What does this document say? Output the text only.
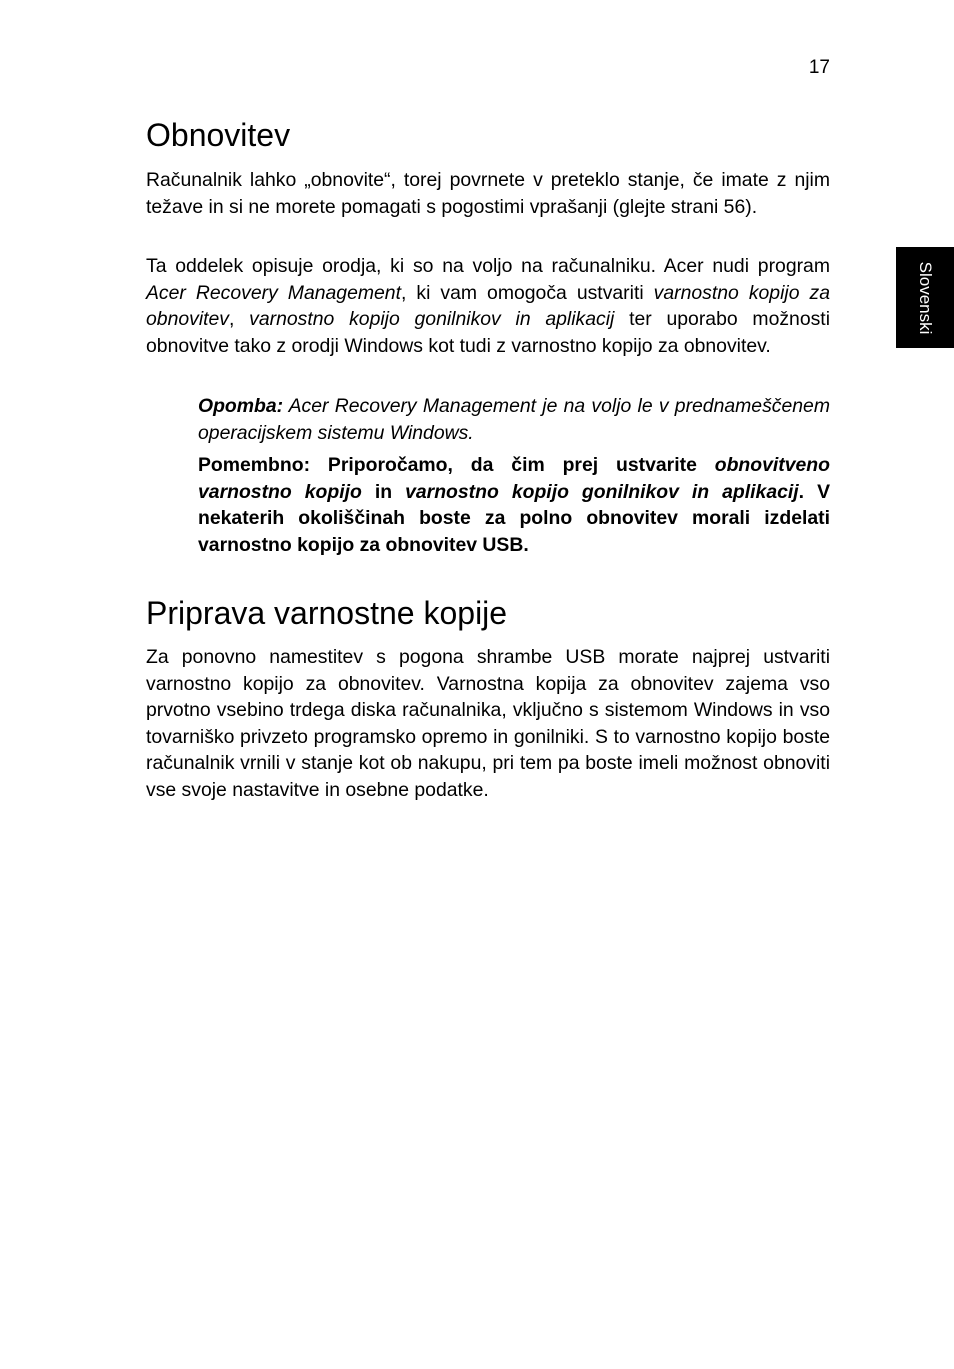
17
Slovenski
Obnovitev

Računalnik lahko „obnovite“, torej povrnete v preteklo stanje, če imate z njim težave in si ne morete pomagati s pogostimi vprašanji (glejte strani 56).

Ta oddelek opisuje orodja, ki so na voljo na računalniku. Acer nudi program Acer Recovery Management, ki vam omogoča ustvariti varnostno kopijo za obnovitev, varnostno kopijo gonilnikov in aplikacij ter uporabo možnosti obnovitve tako z orodji Windows kot tudi z varnostno kopijo za obnovitev.

Opomba: Acer Recovery Management je na voljo le v prednameščenem operacijskem sistemu Windows.

Pomembno: Priporočamo, da čim prej ustvarite obnovitveno varnostno kopijo in varnostno kopijo gonilnikov in aplikacij. V nekaterih okoliščinah boste za polno obnovitev morali izdelati varnostno kopijo za obnovitev USB.

Priprava varnostne kopije

Za ponovno namestitev s pogona shrambe USB morate najprej ustvariti varnostno kopijo za obnovitev. Varnostna kopija za obnovitev zajema vso prvotno vsebino trdega diska računalnika, vključno s sistemom Windows in vso tovarniško privzeto programsko opremo in gonilniki. S to varnostno kopijo boste računalnik vrnili v stanje kot ob nakupu, pri tem pa boste imeli možnost obnoviti vse svoje nastavitve in osebne podatke.
